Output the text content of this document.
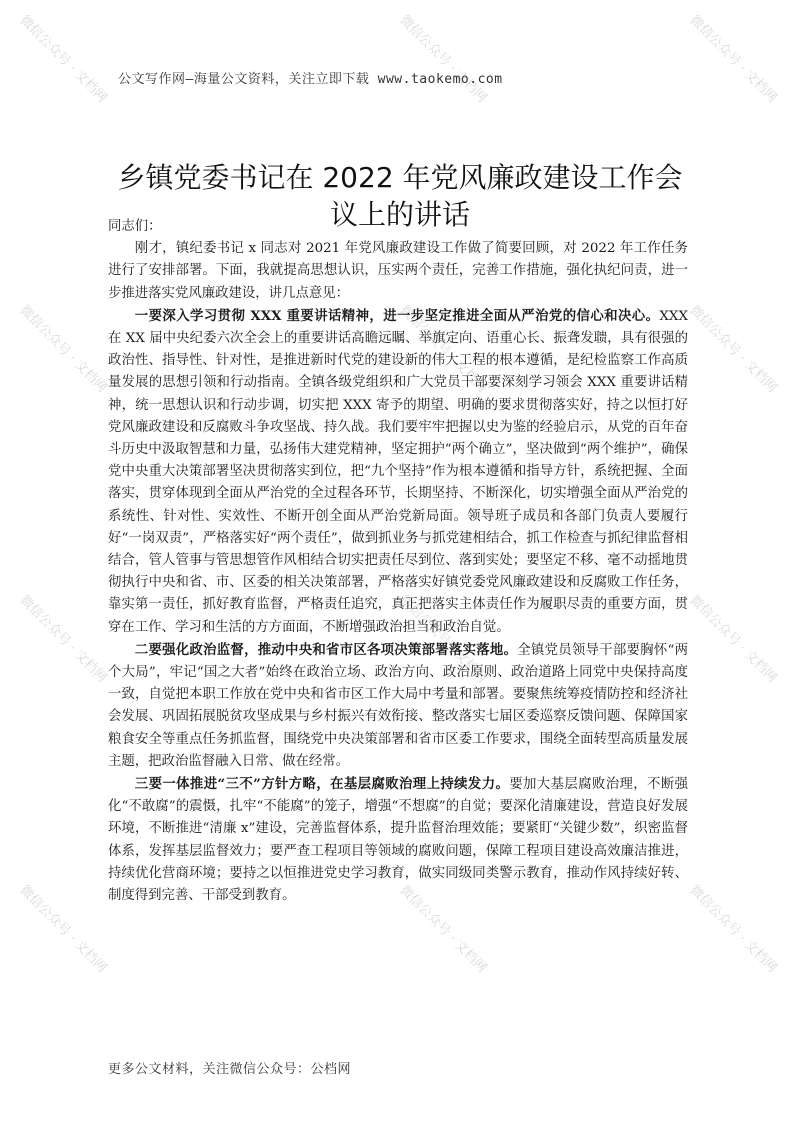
微信公众号 · 文档网	微信公众号 · 文档网	微信公众号 · 文档网
微信公众号 · 文档网	微信公众号 · 文档网	微信公众号 · 文档网
微信公众号 · 文档网	微信公众号 · 文档网	微信公众号 · 文档网
微信公众号 · 文档网	微信公众号 · 文档网	微信公众号 · 文档网
公文写作网—海量公文资料，关注立即下载 www.taokemo.com
乡镇党委书记在 2022 年党风廉政建设工作会
议上的讲话

同志们：

刚才，镇纪委书记 x 同志对 2021 年党风廉政建设工作做了简要回顾，对 2022 年工作任务进行了安排部署。下面，我就提高思想认识，压实两个责任，完善工作措施，强化执纪问责，进一步推进落实党风廉政建设，讲几点意见：

一要深入学习贯彻 XXX 重要讲话精神，进一步坚定推进全面从严治党的信心和决心。XXX 在 XX 届中央纪委六次全会上的重要讲话高瞻远瞩、举旗定向、语重心长、振聋发聩，具有很强的政治性、指导性、针对性，是推进新时代党的建设新的伟大工程的根本遵循，是纪检监察工作高质量发展的思想引领和行动指南。全镇各级党组织和广大党员干部要深刻学习领会 XXX 重要讲话精神，统一思想认识和行动步调，切实把 XXX 寄予的期望、明确的要求贯彻落实好，持之以恒打好党风廉政建设和反腐败斗争攻坚战、持久战。我们要牢牢把握以史为鉴的经验启示，从党的百年奋斗历史中汲取智慧和力量，弘扬伟大建党精神，坚定拥护“两个确立”，坚决做到“两个维护”，确保党中央重大决策部署坚决贯彻落实到位，把“九个坚持”作为根本遵循和指导方针，系统把握、全面落实，贯穿体现到全面从严治党的全过程各环节，长期坚持、不断深化，切实增强全面从严治党的系统性、针对性、实效性、不断开创全面从严治党新局面。领导班子成员和各部门负责人要履行好“一岗双责”，严格落实好“两个责任”，做到抓业务与抓党建相结合，抓工作检查与抓纪律监督相结合，管人管事与管思想管作风相结合切实把责任尽到位、落到实处；要坚定不移、毫不动摇地贯彻执行中央和省、市、区委的相关决策部署，严格落实好镇党委党风廉政建设和反腐败工作任务，靠实第一责任，抓好教育监督，严格责任追究，真正把落实主体责任作为履职尽责的重要方面，贯穿在工作、学习和生活的方方面面，不断增强政治担当和政治自觉。

二要强化政治监督，推动中央和省市区各项决策部署落实落地。全镇党员领导干部要胸怀“两个大局”，牢记“国之大者”始终在政治立场、政治方向、政治原则、政治道路上同党中央保持高度一致，自觉把本职工作放在党中央和省市区工作大局中考量和部署。要聚焦统筹疫情防控和经济社会发展、巩固拓展脱贫攻坚成果与乡村振兴有效衔接、整改落实七届区委巡察反馈问题、保障国家粮食安全等重点任务抓监督，围绕党中央决策部署和省市区委工作要求，围绕全面转型高质量发展主题，把政治监督融入日常、做在经常。

三要一体推进“三不”方针方略，在基层腐败治理上持续发力。要加大基层腐败治理，不断强化“不敢腐”的震慑，扎牢“不能腐”的笼子，增强“不想腐”的自觉；要深化清廉建设，营造良好发展环境，不断推进“清廉 x”建设，完善监督体系，提升监督治理效能；要紧盯“关键少数”，织密监督体系，发挥基层监督效力；要严查工程项目等领域的腐败问题，保障工程项目建设高效廉洁推进，持续优化营商环境；要持之以恒推进党史学习教育，做实同级同类警示教育，推动作风持续好转、制度得到完善、干部受到教育。

更多公文材料，关注微信公众号：公档网
